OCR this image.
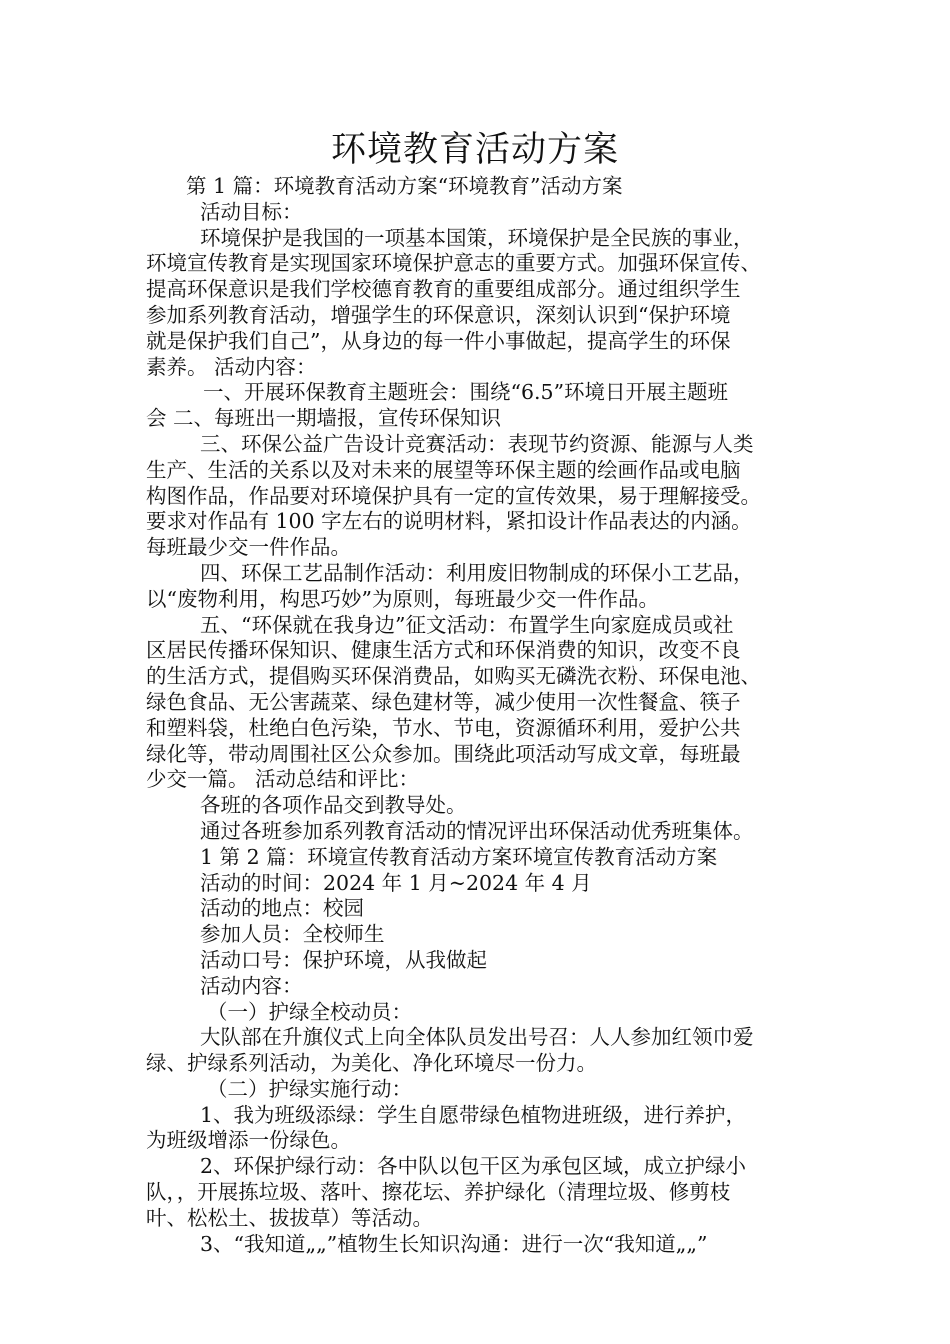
环境教育活动方案
第 1 篇：环境教育活动方案“环境教育”活动方案
活动目标：
环境保护是我国的一项基本国策，环境保护是全民族的事业，
环境宣传教育是实现国家环境保护意志的重要方式。加强环保宣传、
提高环保意识是我们学校德育教育的重要组成部分。通过组织学生
参加系列教育活动，增强学生的环保意识，深刻认识到“保护环境
就是保护我们自己”，从身边的每一件小事做起，提高学生的环保
素养。 活动内容：
一、开展环保教育主题班会：围绕“6.5”环境日开展主题班
会 二、每班出一期墙报，宣传环保知识
三、环保公益广告设计竞赛活动：表现节约资源、能源与人类
生产、生活的关系以及对未来的展望等环保主题的绘画作品或电脑
构图作品，作品要对环境保护具有一定的宣传效果，易于理解接受。
要求对作品有 100 字左右的说明材料，紧扣设计作品表达的内涵。
每班最少交一件作品。
四、环保工艺品制作活动：利用废旧物制成的环保小工艺品，
以“废物利用，构思巧妙”为原则，每班最少交一件作品。
五、“环保就在我身边”征文活动：布置学生向家庭成员或社
区居民传播环保知识、健康生活方式和环保消费的知识，改变不良
的生活方式，提倡购买环保消费品，如购买无磷洗衣粉、环保电池、
绿色食品、无公害蔬菜、绿色建材等，减少使用一次性餐盒、筷子
和塑料袋，杜绝白色污染，节水、节电，资源循环利用，爱护公共
绿化等，带动周围社区公众参加。围绕此项活动写成文章，每班最
少交一篇。 活动总结和评比：
各班的各项作品交到教导处。
通过各班参加系列教育活动的情况评出环保活动优秀班集体。
1 第 2 篇：环境宣传教育活动方案环境宣传教育活动方案
活动的时间：2024 年 1 月~2024 年 4 月
活动的地点：校园
参加人员：全校师生
活动口号：保护环境，从我做起
活动内容：
（一）护绿全校动员：
大队部在升旗仪式上向全体队员发出号召：人人参加红领巾爱
绿、护绿系列活动，为美化、净化环境尽一份力。
（二）护绿实施行动：
1、我为班级添绿：学生自愿带绿色植物进班级，进行养护，
为班级增添一份绿色。
2、环保护绿行动：各中队以包干区为承包区域，成立护绿小
队，，开展拣垃圾、落叶、擦花坛、养护绿化（清理垃圾、修剪枝
叶、松松土、拔拔草）等活动。
3、“我知道„„”植物生长知识沟通：进行一次“我知道„„”
